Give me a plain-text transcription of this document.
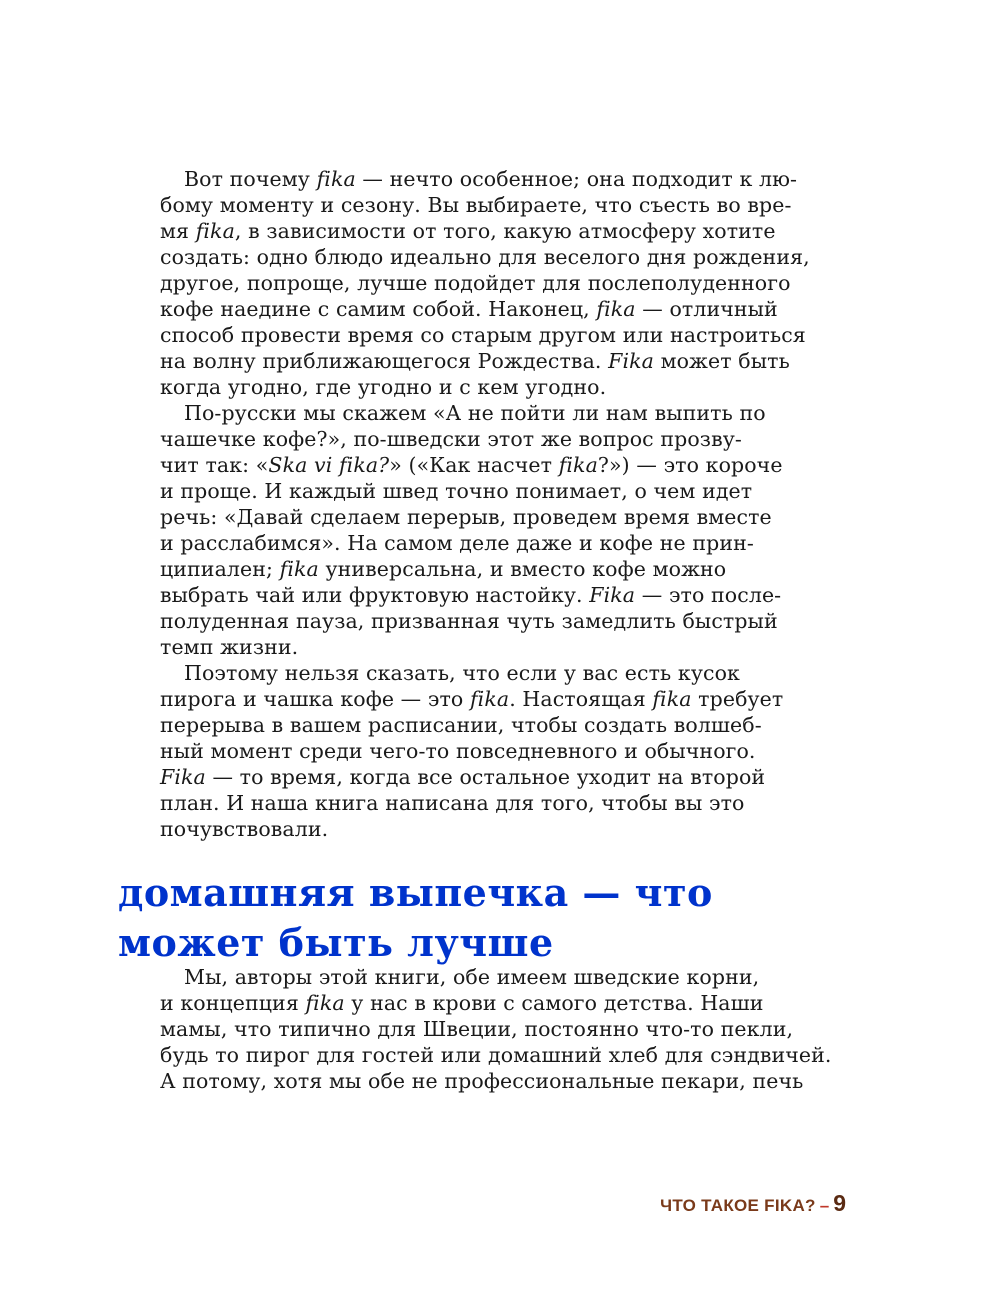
Вот почему fika — нечто особенное; она подходит к лю-
бому моменту и сезону. Вы выбираете, что съесть во вре-
мя fika, в зависимости от того, какую атмосферу хотите
создать: одно блюдо идеально для веселого дня рождения,
другое, попроще, лучше подойдет для послеполуденного
кофе наедине с самим собой. Наконец, fika — отличный
способ провести время со старым другом или настроиться
на волну приближающегося Рождества. Fika может быть
когда угодно, где угодно и с кем угодно.
По-русски мы скажем «А не пойти ли нам выпить по
чашечке кофе?», по-шведски этот же вопрос прозву-
чит так: «Ska vi fika?» («Как насчет fika?») — это короче
и проще. И каждый швед точно понимает, о чем идет
речь: «Давай сделаем перерыв, проведем время вместе
и расслабимся». На самом деле даже и кофе не прин-
ципиален; fika универсальна, и вместо кофе можно
выбрать чай или фруктовую настойку. Fika — это после-
полуденная пауза, призванная чуть замедлить быстрый
темп жизни.
Поэтому нельзя сказать, что если у вас есть кусок
пирога и чашка кофе — это fika. Настоящая fika требует
перерыва в вашем расписании, чтобы создать волшеб-
ный момент среди чего-то повседневного и обычного.
Fika — то время, когда все остальное уходит на второй
план. И наша книга написана для того, чтобы вы это
почувствовали.
домашняя выпечка — что
может быть лучше
Мы, авторы этой книги, обе имеем шведские корни,
и концепция fika у нас в крови с самого детства. Наши
мамы, что типично для Швеции, постоянно что-то пекли,
будь то пирог для гостей или домашний хлеб для сэндвичей.
А потому, хотя мы обе не профессиональные пекари, печь
ЧТО ТАКОЕ FIKA? – 9
